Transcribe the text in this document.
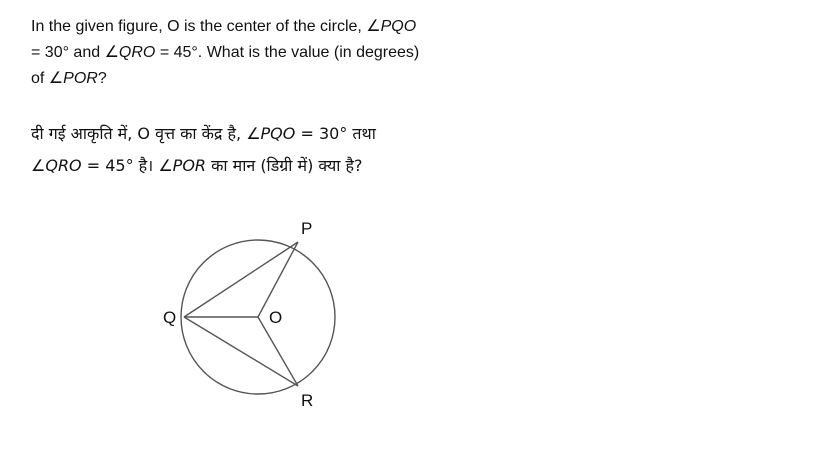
In the given figure, O is the center of the circle, ∠PQO
= 30° and ∠QRO = 45°. What is the value (in degrees)
of ∠POR?
दी गई आकृति में, O वृत्त का केंद्र है, ∠PQO = 30° तथा
∠QRO = 45° है। ∠POR का मान (डिग्री में) क्या है?
P
Q	O
R
